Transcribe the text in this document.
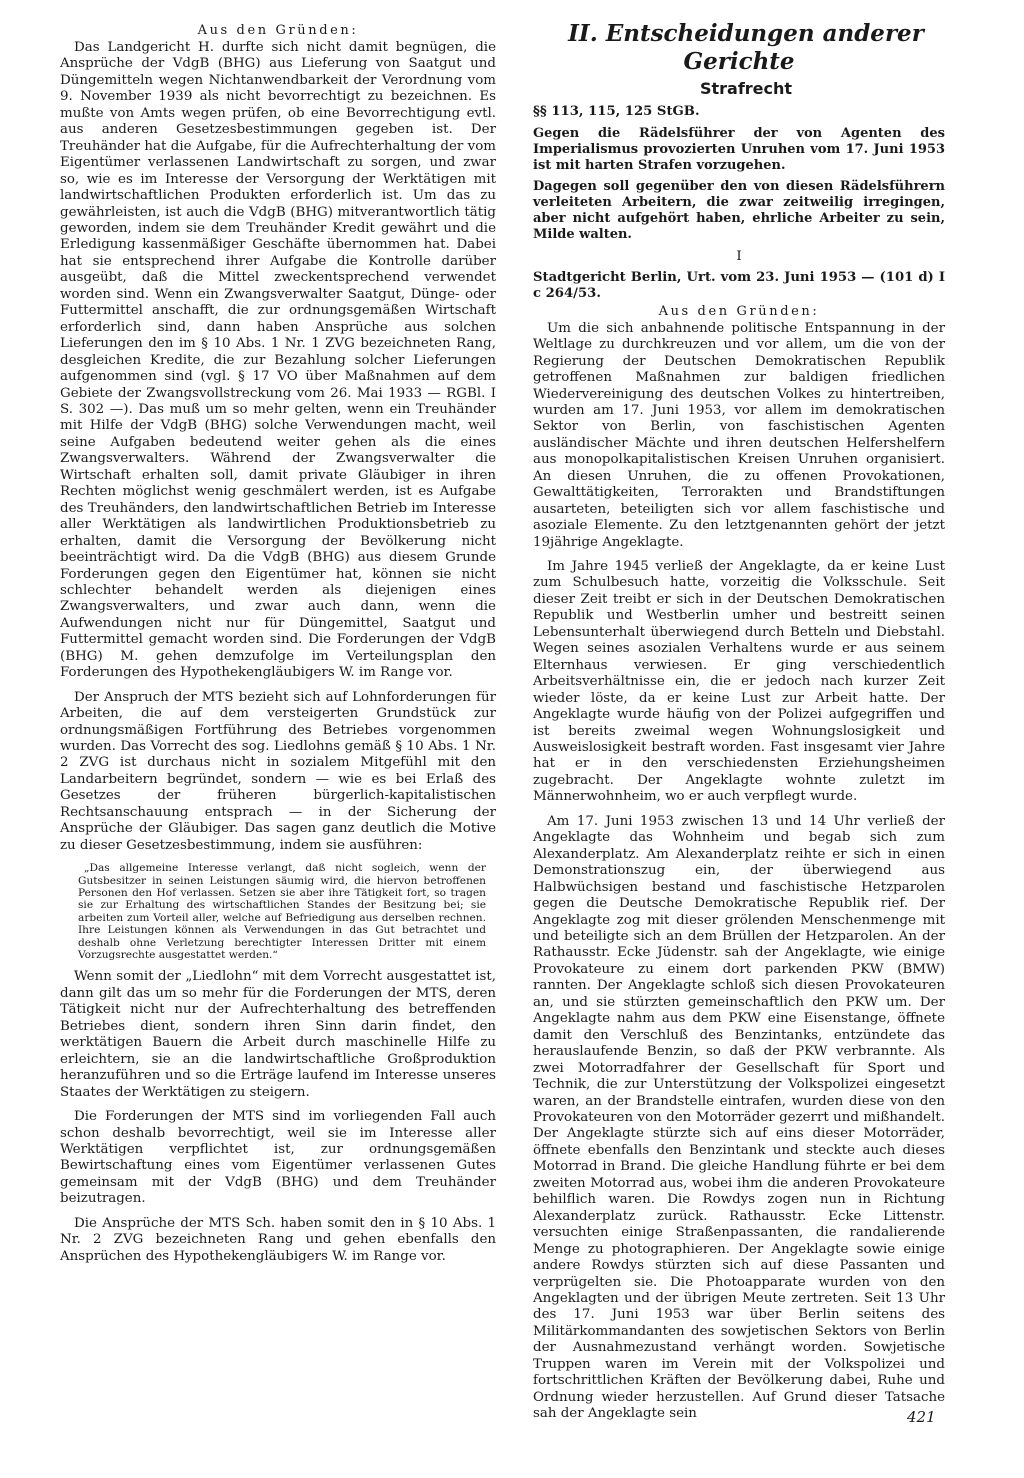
Aus den Gründen:

Das Landgericht H. durfte sich nicht damit begnügen, die Ansprüche der VdgB (BHG) aus Lieferung von Saatgut und Düngemitteln wegen Nichtanwendbarkeit der Verordnung vom 9. November 1939 als nicht bevorrechtigt zu bezeichnen. Es mußte von Amts wegen prüfen, ob eine Bevorrechtigung evtl. aus anderen Gesetzesbestimmungen gegeben ist. Der Treuhänder hat die Aufgabe, für die Aufrechterhaltung der vom Eigentümer verlassenen Landwirtschaft zu sorgen, und zwar so, wie es im Interesse der Versorgung der Werktätigen mit landwirtschaftlichen Produkten erforderlich ist. Um das zu gewährleisten, ist auch die VdgB (BHG) mitverantwortlich tätig geworden, indem sie dem Treuhänder Kredit gewährt und die Erledigung kassenmäßiger Geschäfte übernommen hat. Dabei hat sie entsprechend ihrer Aufgabe die Kontrolle darüber ausgeübt, daß die Mittel zweckentsprechend verwendet worden sind. Wenn ein Zwangsverwalter Saatgut, Dünge- oder Futtermittel anschafft, die zur ordnungsgemäßen Wirtschaft erforderlich sind, dann haben Ansprüche aus solchen Lieferungen den im § 10 Abs. 1 Nr. 1 ZVG bezeichneten Rang, desgleichen Kredite, die zur Bezahlung solcher Lieferungen aufgenommen sind (vgl. § 17 VO über Maßnahmen auf dem Gebiete der Zwangsvollstreckung vom 26. Mai 1933 — RGBl. I S. 302 —). Das muß um so mehr gelten, wenn ein Treuhänder mit Hilfe der VdgB (BHG) solche Verwendungen macht, weil seine Aufgaben bedeutend weiter gehen als die eines Zwangsverwalters. Während der Zwangsverwalter die Wirtschaft erhalten soll, damit private Gläubiger in ihren Rechten möglichst wenig geschmälert werden, ist es Aufgabe des Treuhänders, den landwirtschaftlichen Betrieb im Interesse aller Werktätigen als landwirtlichen Produktionsbetrieb zu erhalten, damit die Versorgung der Bevölkerung nicht beeinträchtigt wird. Da die VdgB (BHG) aus diesem Grunde Forderungen gegen den Eigentümer hat, können sie nicht schlechter behandelt werden als diejenigen eines Zwangsverwalters, und zwar auch dann, wenn die Aufwendungen nicht nur für Düngemittel, Saatgut und Futtermittel gemacht worden sind. Die Forderungen der VdgB (BHG) M. gehen demzufolge im Verteilungsplan den Forderungen des Hypothekengläubigers W. im Range vor.

Der Anspruch der MTS bezieht sich auf Lohnforderungen für Arbeiten, die auf dem versteigerten Grundstück zur ordnungsmäßigen Fortführung des Betriebes vorgenommen wurden. Das Vorrecht des sog. Liedlohns gemäß § 10 Abs. 1 Nr. 2 ZVG ist durchaus nicht in sozialem Mitgefühl mit den Landarbeitern begründet, sondern — wie es bei Erlaß des Gesetzes der früheren bürgerlich-kapitalistischen Rechtsanschauung entsprach — in der Sicherung der Ansprüche der Gläubiger. Das sagen ganz deutlich die Motive zu dieser Gesetzesbestimmung, indem sie ausführen:

„Das allgemeine Interesse verlangt, daß nicht sogleich, wenn der Gutsbesitzer in seinen Leistungen säumig wird, die hiervon betroffenen Personen den Hof verlassen. Setzen sie aber ihre Tätigkeit fort, so tragen sie zur Erhaltung des wirtschaftlichen Standes der Besitzung bei; sie arbeiten zum Vorteil aller, welche auf Befriedigung aus derselben rechnen. Ihre Leistungen können als Verwendungen in das Gut betrachtet und deshalb ohne Verletzung berechtigter Interessen Dritter mit einem Vorzugsrechte ausgestattet werden.“

Wenn somit der „Liedlohn“ mit dem Vorrecht ausgestattet ist, dann gilt das um so mehr für die Forderungen der MTS, deren Tätigkeit nicht nur der Aufrechterhaltung des betreffenden Betriebes dient, sondern ihren Sinn darin findet, den werktätigen Bauern die Arbeit durch maschinelle Hilfe zu erleichtern, sie an die landwirtschaftliche Großproduktion heranzuführen und so die Erträge laufend im Interesse unseres Staates der Werktätigen zu steigern.

Die Forderungen der MTS sind im vorliegenden Fall auch schon deshalb bevorrechtigt, weil sie im Interesse aller Werktätigen verpflichtet ist, zur ordnungsgemäßen Bewirtschaftung eines vom Eigentümer verlassenen Gutes gemeinsam mit der VdgB (BHG) und dem Treuhänder beizutragen.

Die Ansprüche der MTS Sch. haben somit den in § 10 Abs. 1 Nr. 2 ZVG bezeichneten Rang und gehen ebenfalls den Ansprüchen des Hypothekengläubigers W. im Range vor.

II. Entscheidungen anderer Gerichte

Strafrecht

§§ 113, 115, 125 StGB.

Gegen die Rädelsführer der von Agenten des Imperialismus provozierten Unruhen vom 17. Juni 1953 ist mit harten Strafen vorzugehen.

Dagegen soll gegenüber den von diesen Rädelsführern verleiteten Arbeitern, die zwar zeitweilig irregingen, aber nicht aufgehört haben, ehrliche Arbeiter zu sein, Milde walten.

I

Stadtgericht Berlin, Urt. vom 23. Juni 1953 — (101 d) I c 264/53.

Aus den Gründen:

Um die sich anbahnende politische Entspannung in der Weltlage zu durchkreuzen und vor allem, um die von der Regierung der Deutschen Demokratischen Republik getroffenen Maßnahmen zur baldigen friedlichen Wiedervereinigung des deutschen Volkes zu hintertreiben, wurden am 17. Juni 1953, vor allem im demokratischen Sektor von Berlin, von faschistischen Agenten ausländischer Mächte und ihren deutschen Helfershelfern aus monopolkapitalistischen Kreisen Unruhen organisiert. An diesen Unruhen, die zu offenen Provokationen, Gewalttätigkeiten, Terrorakten und Brandstiftungen ausarteten, beteiligten sich vor allem faschistische und asoziale Elemente. Zu den letztgenannten gehört der jetzt 19jährige Angeklagte.

Im Jahre 1945 verließ der Angeklagte, da er keine Lust zum Schulbesuch hatte, vorzeitig die Volksschule. Seit dieser Zeit treibt er sich in der Deutschen Demokratischen Republik und Westberlin umher und bestreitt seinen Lebensunterhalt überwiegend durch Betteln und Diebstahl. Wegen seines asozialen Verhaltens wurde er aus seinem Elternhaus verwiesen. Er ging verschiedentlich Arbeitsverhältnisse ein, die er jedoch nach kurzer Zeit wieder löste, da er keine Lust zur Arbeit hatte. Der Angeklagte wurde häufig von der Polizei aufgegriffen und ist bereits zweimal wegen Wohnungslosigkeit und Ausweislosigkeit bestraft worden. Fast insgesamt vier Jahre hat er in den verschiedensten Erziehungsheimen zugebracht. Der Angeklagte wohnte zuletzt im Männerwohnheim, wo er auch verpflegt wurde.

Am 17. Juni 1953 zwischen 13 und 14 Uhr verließ der Angeklagte das Wohnheim und begab sich zum Alexanderplatz. Am Alexanderplatz reihte er sich in einen Demonstrationszug ein, der überwiegend aus Halbwüchsigen bestand und faschistische Hetzparolen gegen die Deutsche Demokratische Republik rief. Der Angeklagte zog mit dieser grölenden Menschenmenge mit und beteiligte sich an dem Brüllen der Hetzparolen. An der Rathausstr. Ecke Jüdenstr. sah der Angeklagte, wie einige Provokateure zu einem dort parkenden PKW (BMW) rannten. Der Angeklagte schloß sich diesen Provokateuren an, und sie stürzten gemeinschaftlich den PKW um. Der Angeklagte nahm aus dem PKW eine Eisenstange, öffnete damit den Verschluß des Benzintanks, entzündete das herauslaufende Benzin, so daß der PKW verbrannte. Als zwei Motorradfahrer der Gesellschaft für Sport und Technik, die zur Unterstützung der Volkspolizei eingesetzt waren, an der Brandstelle eintrafen, wurden diese von den Provokateuren von den Motorräder gezerrt und mißhandelt. Der Angeklagte stürzte sich auf eins dieser Motorräder, öffnete ebenfalls den Benzintank und steckte auch dieses Motorrad in Brand. Die gleiche Handlung führte er bei dem zweiten Motorrad aus, wobei ihm die anderen Provokateure behilflich waren. Die Rowdys zogen nun in Richtung Alexanderplatz zurück. Rathausstr. Ecke Littenstr. versuchten einige Straßenpassanten, die randalierende Menge zu photographieren. Der Angeklagte sowie einige andere Rowdys stürzten sich auf diese Passanten und verprügelten sie. Die Photoapparate wurden von den Angeklagten und der übrigen Meute zertreten. Seit 13 Uhr des 17. Juni 1953 war über Berlin seitens des Militärkommandanten des sowjetischen Sektors von Berlin der Ausnahmezustand verhängt worden. Sowjetische Truppen waren im Verein mit der Volkspolizei und fortschrittlichen Kräften der Bevölkerung dabei, Ruhe und Ordnung wieder herzustellen. Auf Grund dieser Tatsache sah der Angeklagte sein	421
